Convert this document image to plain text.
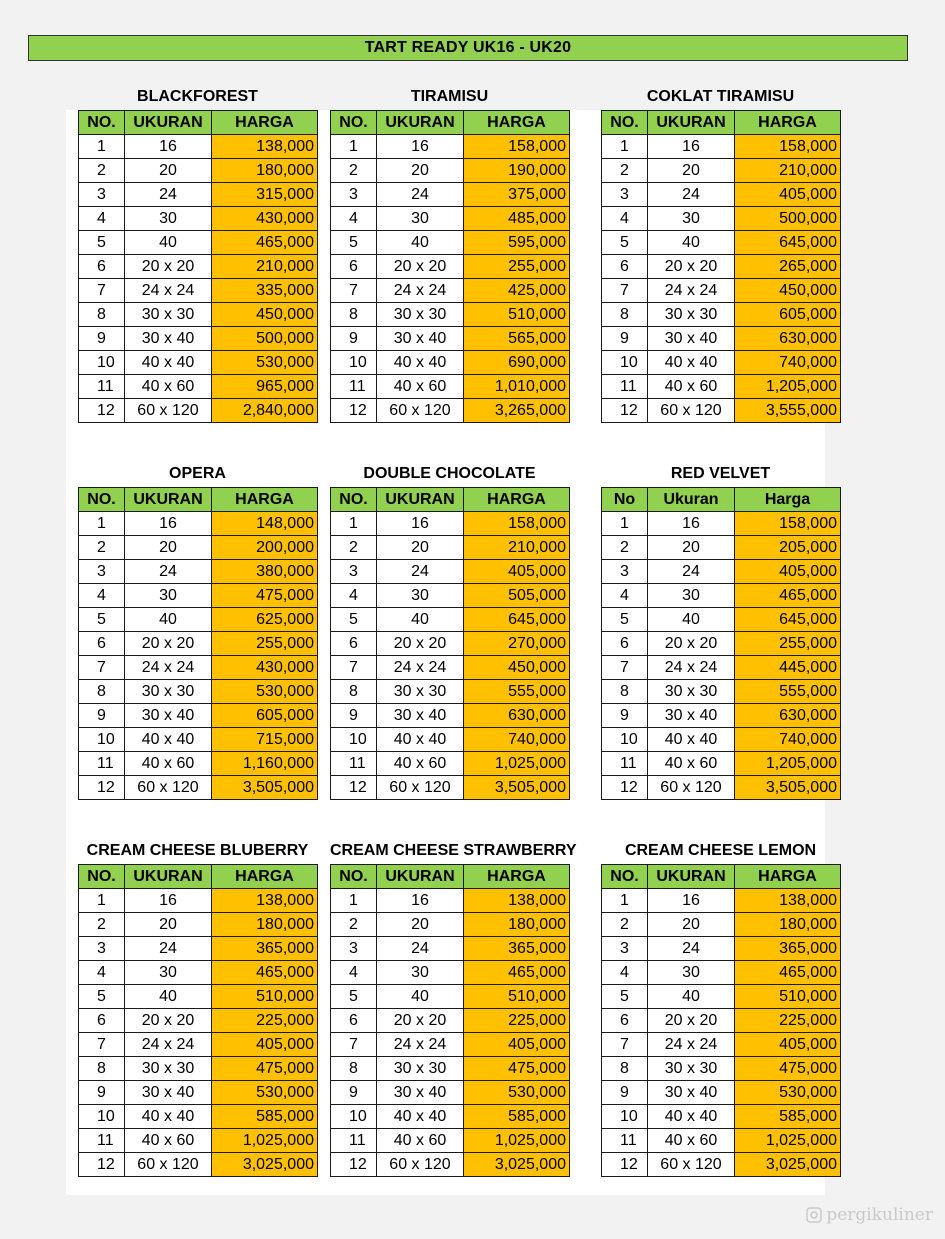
TART READY UK16 - UK20
BLACKFOREST
NO.	UKURAN	HARGA
1	16	138,000
2	20	180,000
3	24	315,000
4	30	430,000
5	40	465,000
6	20 x 20	210,000
7	24 x 24	335,000
8	30 x 30	450,000
9	30 x 40	500,000
10	40 x 40	530,000
11	40 x 60	965,000
12	60 x 120	2,840,000
TIRAMISU
NO.	UKURAN	HARGA
1	16	158,000
2	20	190,000
3	24	375,000
4	30	485,000
5	40	595,000
6	20 x 20	255,000
7	24 x 24	425,000
8	30 x 30	510,000
9	30 x 40	565,000
10	40 x 40	690,000
11	40 x 60	1,010,000
12	60 x 120	3,265,000
COKLAT TIRAMISU
NO.	UKURAN	HARGA
1	16	158,000
2	20	210,000
3	24	405,000
4	30	500,000
5	40	645,000
6	20 x 20	265,000
7	24 x 24	450,000
8	30 x 30	605,000
9	30 x 40	630,000
10	40 x 40	740,000
11	40 x 60	1,205,000
12	60 x 120	3,555,000
OPERA
NO.	UKURAN	HARGA
1	16	148,000
2	20	200,000
3	24	380,000
4	30	475,000
5	40	625,000
6	20 x 20	255,000
7	24 x 24	430,000
8	30 x 30	530,000
9	30 x 40	605,000
10	40 x 40	715,000
11	40 x 60	1,160,000
12	60 x 120	3,505,000
DOUBLE CHOCOLATE
NO.	UKURAN	HARGA
1	16	158,000
2	20	210,000
3	24	405,000
4	30	505,000
5	40	645,000
6	20 x 20	270,000
7	24 x 24	450,000
8	30 x 30	555,000
9	30 x 40	630,000
10	40 x 40	740,000
11	40 x 60	1,025,000
12	60 x 120	3,505,000
RED VELVET
No	Ukuran	Harga
1	16	158,000
2	20	205,000
3	24	405,000
4	30	465,000
5	40	645,000
6	20 x 20	255,000
7	24 x 24	445,000
8	30 x 30	555,000
9	30 x 40	630,000
10	40 x 40	740,000
11	40 x 60	1,205,000
12	60 x 120	3,505,000
CREAM CHEESE BLUBERRY
NO.	UKURAN	HARGA
1	16	138,000
2	20	180,000
3	24	365,000
4	30	465,000
5	40	510,000
6	20 x 20	225,000
7	24 x 24	405,000
8	30 x 30	475,000
9	30 x 40	530,000
10	40 x 40	585,000
11	40 x 60	1,025,000
12	60 x 120	3,025,000
CREAM CHEESE STRAWBERRY
NO.	UKURAN	HARGA
1	16	138,000
2	20	180,000
3	24	365,000
4	30	465,000
5	40	510,000
6	20 x 20	225,000
7	24 x 24	405,000
8	30 x 30	475,000
9	30 x 40	530,000
10	40 x 40	585,000
11	40 x 60	1,025,000
12	60 x 120	3,025,000
CREAM CHEESE LEMON
NO.	UKURAN	HARGA
1	16	138,000
2	20	180,000
3	24	365,000
4	30	465,000
5	40	510,000
6	20 x 20	225,000
7	24 x 24	405,000
8	30 x 30	475,000
9	30 x 40	530,000
10	40 x 40	585,000
11	40 x 60	1,025,000
12	60 x 120	3,025,000
pergikuliner
